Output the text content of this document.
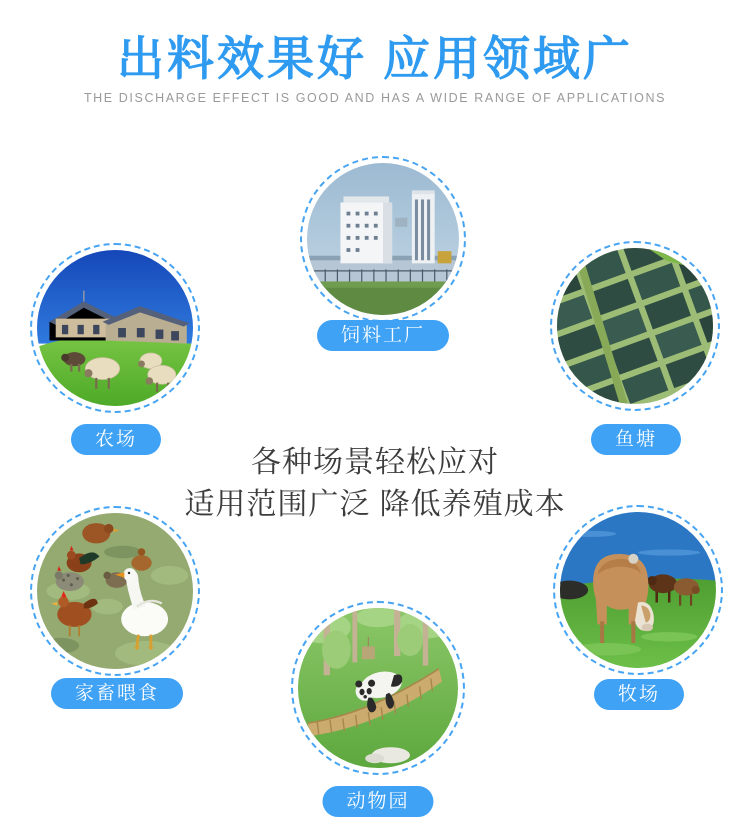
出料效果好 应用领域广
THE DISCHARGE EFFECT IS GOOD AND HAS A WIDE RANGE OF APPLICATIONS
各种场景轻松应对
适用范围广泛 降低养殖成本
饲料工厂
农场	鱼塘
家畜喂食	牧场
动物园
